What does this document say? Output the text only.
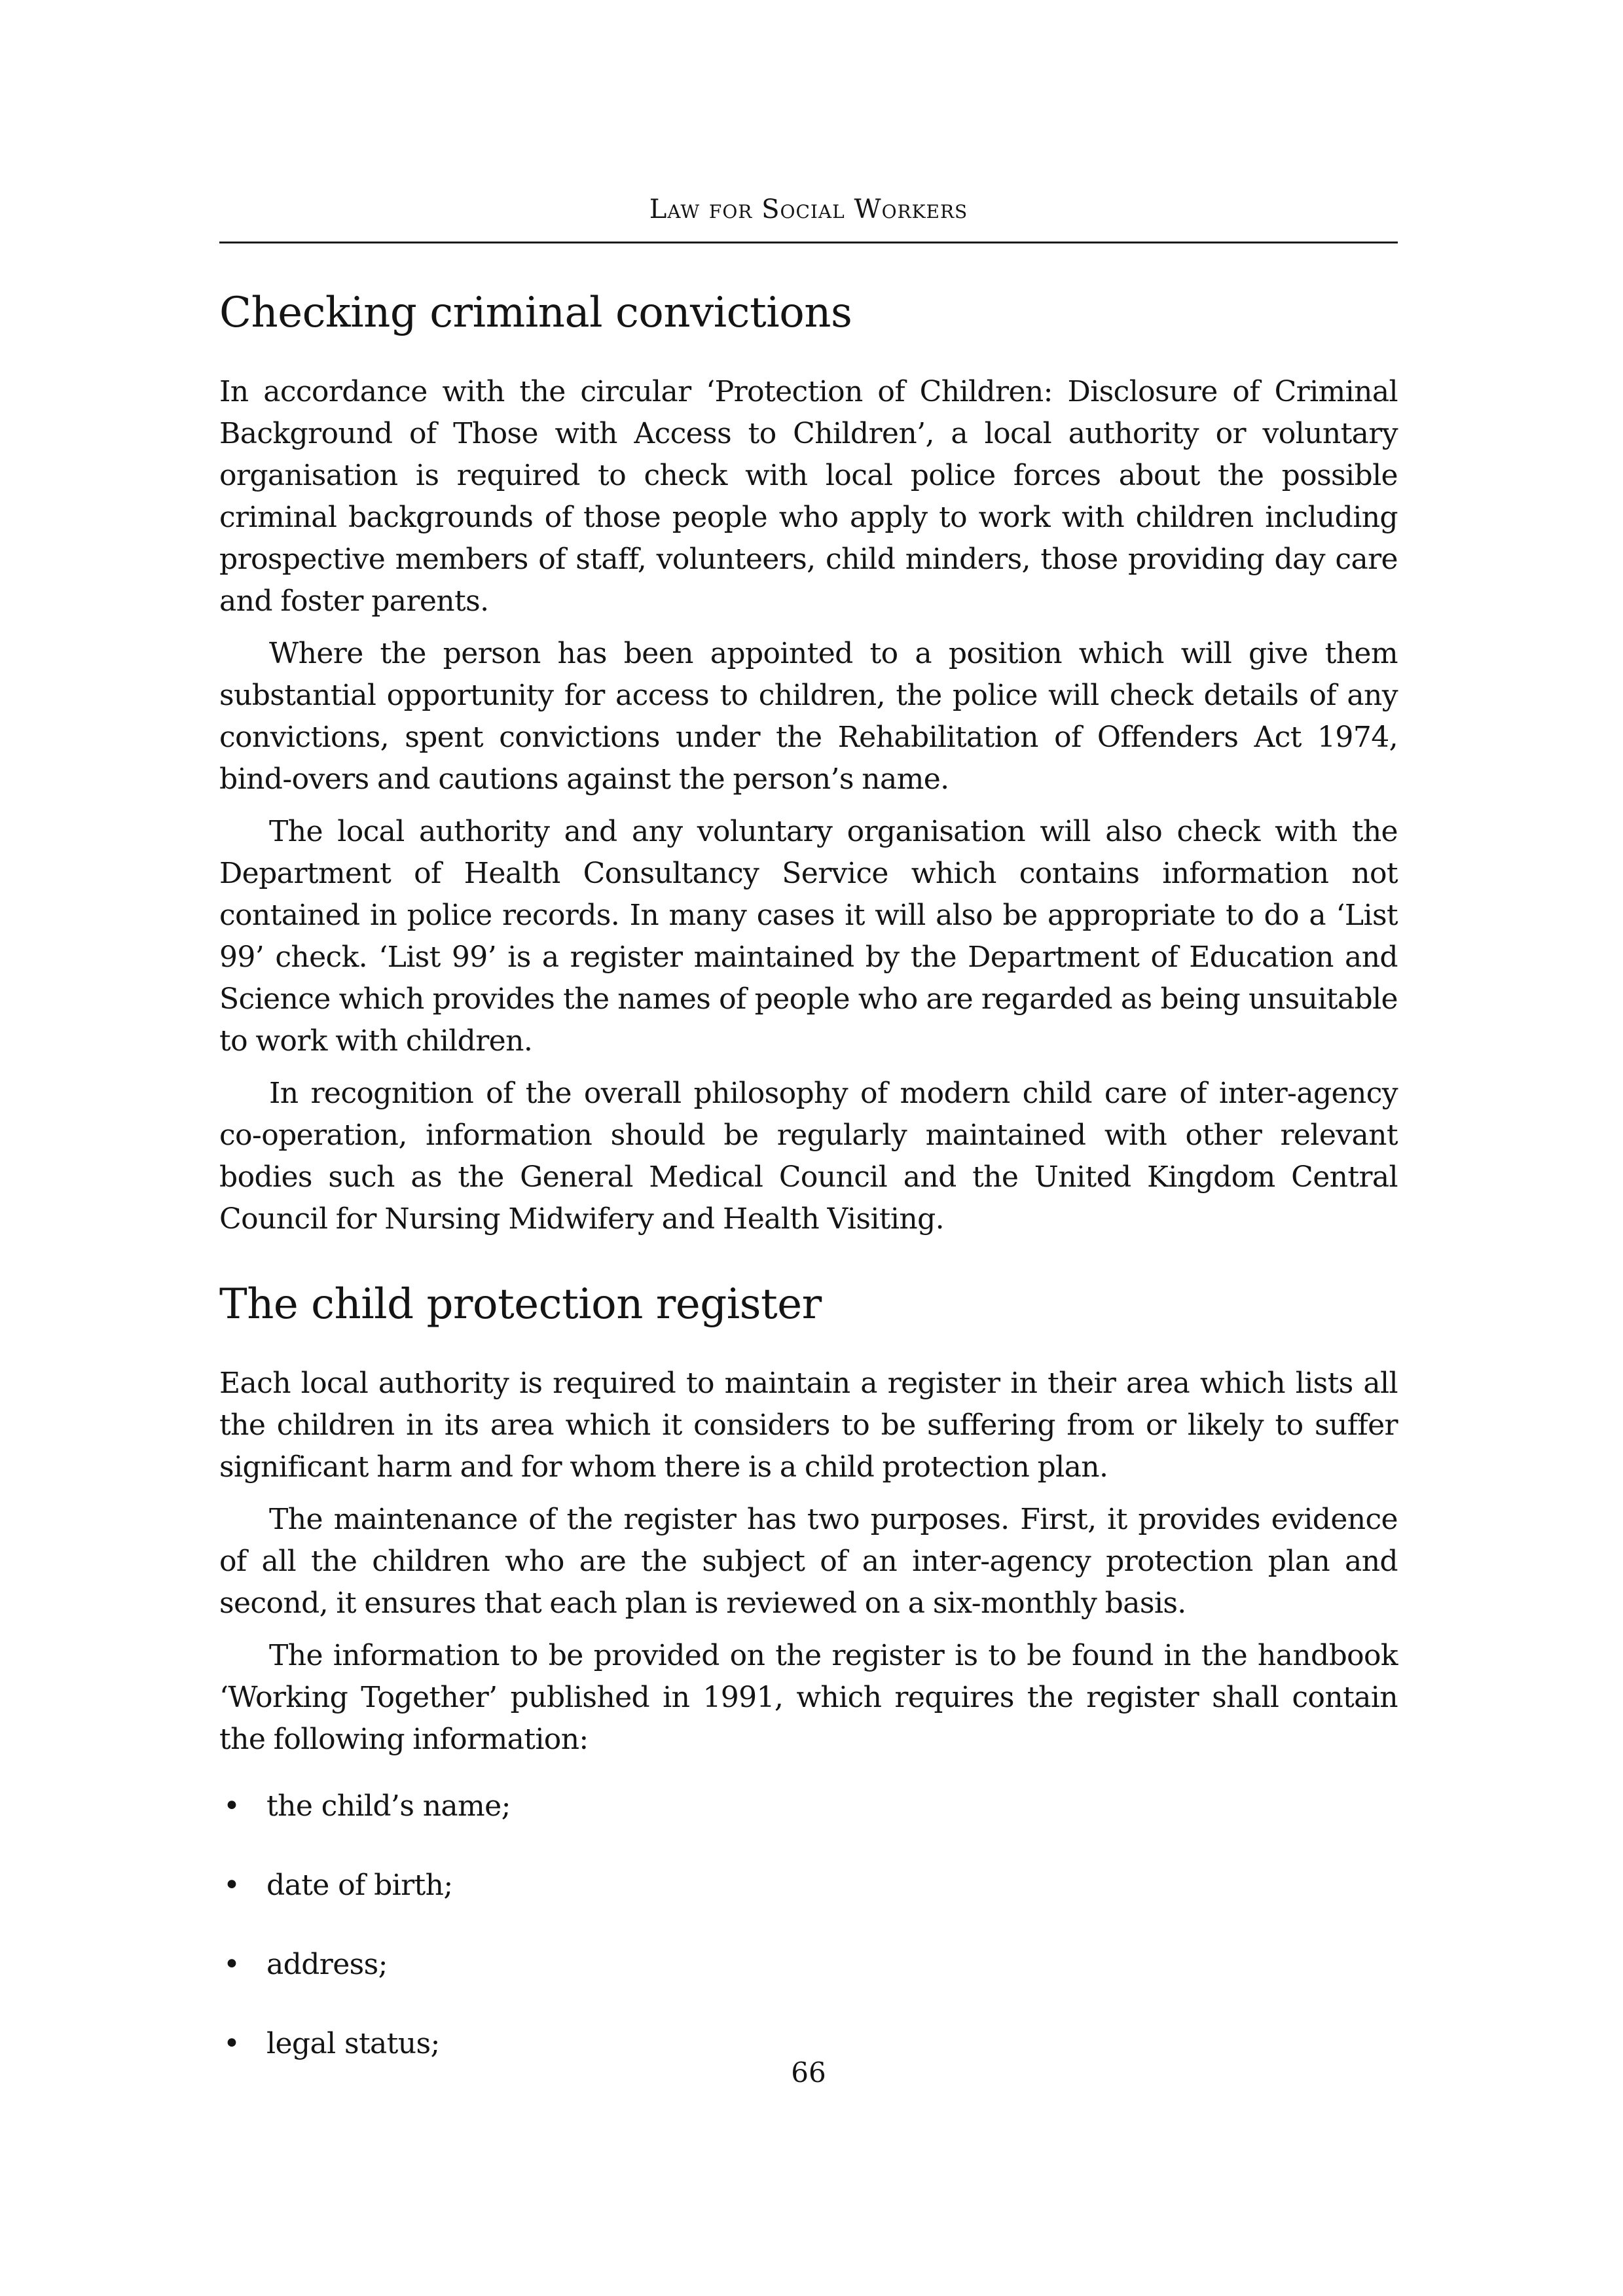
Law for Social Workers
Checking criminal convictions

In accordance with the circular ‘Protection of Children: Disclosure of Criminal Background of Those with Access to Children’, a local authority or voluntary organisation is required to check with local police forces about the possible criminal backgrounds of those people who apply to work with children including prospective members of staff, volunteers, child minders, those providing day care and foster parents.

Where the person has been appointed to a position which will give them substantial opportunity for access to children, the police will check details of any convictions, spent convictions under the Rehabilitation of Offenders Act 1974, bind-overs and cautions against the person’s name.

The local authority and any voluntary organisation will also check with the Department of Health Consultancy Service which contains information not contained in police records. In many cases it will also be appropriate to do a ‘List 99’ check. ‘List 99’ is a register maintained by the Department of Education and Science which provides the names of people who are regarded as being unsuitable to work with children.

In recognition of the overall philosophy of modern child care of inter-agency co-operation, information should be regularly maintained with other relevant bodies such as the General Medical Council and the United Kingdom Central Council for Nursing Midwifery and Health Visiting.

The child protection register

Each local authority is required to maintain a register in their area which lists all the children in its area which it considers to be suffering from or likely to suffer significant harm and for whom there is a child protection plan.

The maintenance of the register has two purposes. First, it provides evidence of all the children who are the subject of an inter-agency protection plan and second, it ensures that each plan is reviewed on a six-monthly basis.

The information to be provided on the register is to be found in the handbook ‘Working Together’ published in 1991, which requires the register shall contain the following information:

• the child’s name;
• date of birth;
• address;
• legal status;
66
